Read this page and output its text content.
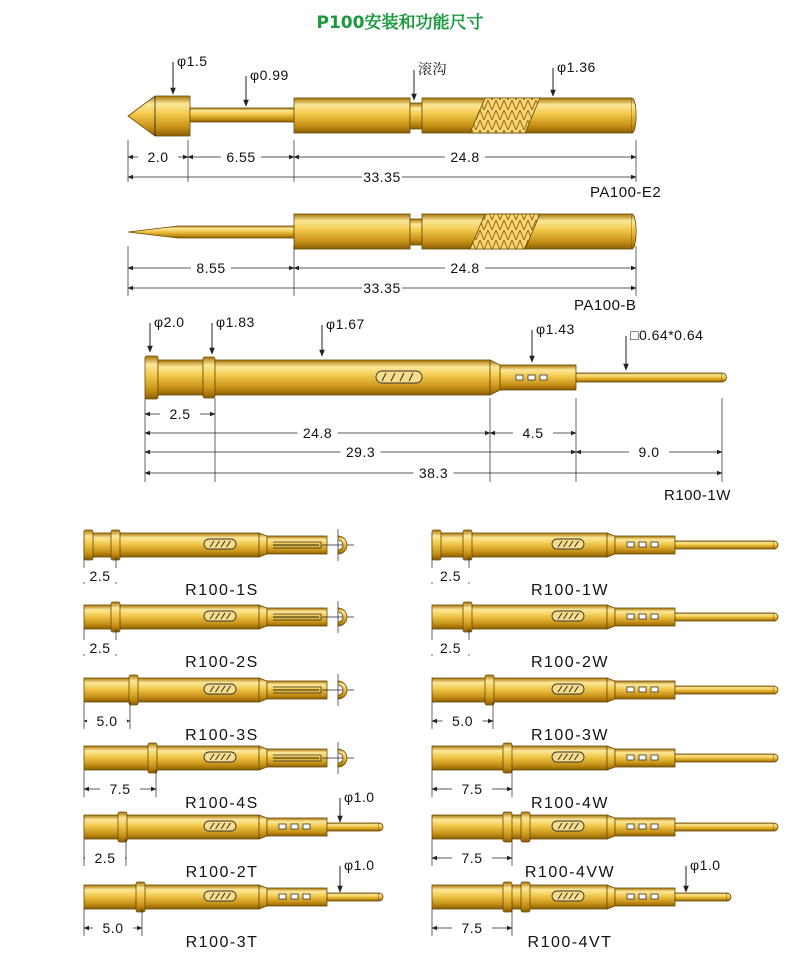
P100安装和功能尺寸
φ1.5
φ0.99	滚沟	φ1.36
2.0	6.55	24.8
33.35
PA100-E2
8.55	24.8
33.35
PA100-B
φ2.0 φ1.83	φ1.67	φ1.43	□0.64*0.64
2.5
24.8	4.5
29.3	9.0
38.3
R100-1W
2.5
R100-1S
2.5
R100-2S
5.0
R100-3S
7.5
R100-4S
2.5
R100-2T
5.0
R100-3T
2.5
R100-1W
2.5
R100-2W
5.0
R100-3W
7.5
R100-4W
7.5
R100-4VW
7.5
R100-4VT
φ1.0
φ1.0	φ1.0
